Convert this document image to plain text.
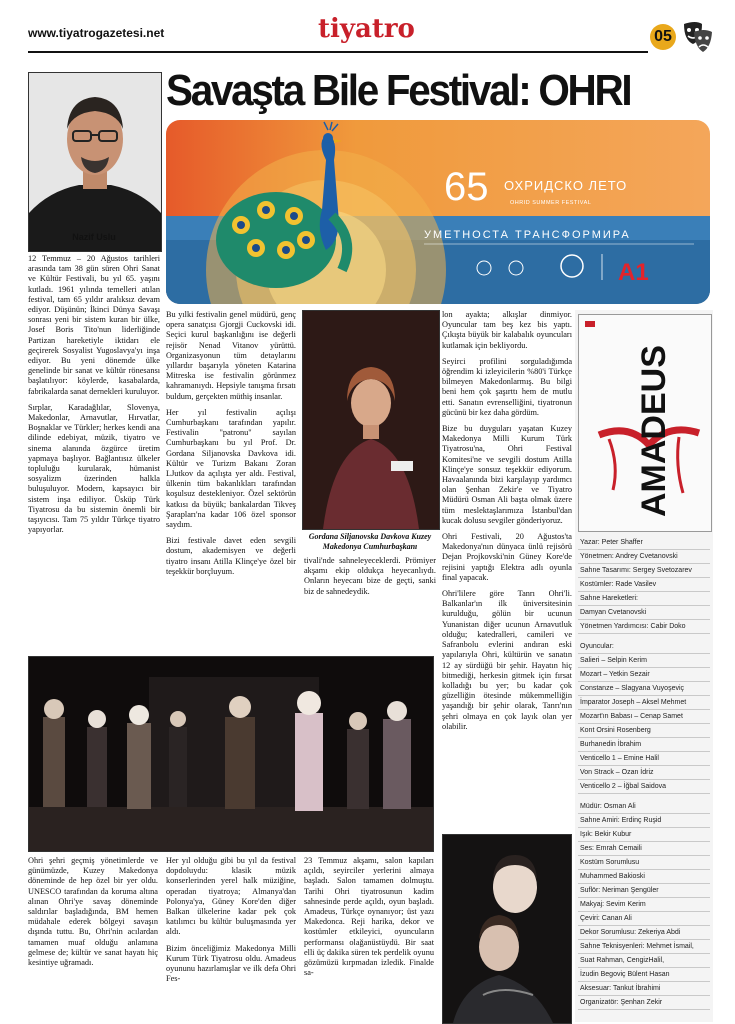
www.tiyatrogazetesi.net	tiyatro	05
Savaşta Bile Festival: OHRI
Nazif Uslu
65 ОХРИДСКО ЛЕТО
OHRID SUMMER FESTIVAL
УМЕТНОСТА ТРАНСФОРМИРА
A1

12 Temmuz – 20 Ağustos tarihleri arasında tam 38 gün süren Ohri Sanat ve Kültür Festivali, bu yıl 65. yaşını kutladı. 1961 yılında temelleri atılan festival, tam 65 yıldır aralıksız devam ediyor. Düşünün; İkinci Dünya Savaşı sonrası yeni bir sistem kuran bir ülke, Josef Boris Tito'nun liderliğinde Partizan hareketiyle iktidarı ele geçirerek Sosyalist Yugoslavya'yı inşa ediyor. Bu yeni dönemde ülke genelinde bir sanat ve kültür rönesansı başlatılıyor: köylerde, kasabalarda, fabrikalarda sanat dernekleri kuruluyor.

Sırplar, Karadağlılar, Slovenya, Makedonlar, Arnavutlar, Hırvatlar, Boşnaklar ve Türkler; herkes kendi ana dilinde edebiyat, müzik, tiyatro ve sinema alanında özgürce üretim yapmaya başlıyor. Bağlantısız ülkeler topluluğu kurularak, hümanist sosyalizm üzerinden halkla buluşuluyor. Modern, kapsayıcı bir sistem inşa ediliyor. Üsküp Türk Tiyatrosu da bu sistemin önemli bir taşıyıcısı. Tam 75 yıldır Türkçe tiyatro yapıyorlar.

Bu yılki festivalin genel müdürü, genç opera sanatçısı Gjorgji Cuckovski idi. Seçici kurul başkanlığını ise değerli rejisör Nenad Vitanov yürüttü. Organizasyonun tüm detaylarını yıllardır başarıyla yöneten Katarina Mitreska ise festivalin görünmez kahramanıydı. Hepsiyle tanışma fırsatı buldum, gerçekten müthiş insanlar.

Her yıl festivalin açılışı Cumhurbaşkanı tarafından yapılır. Festivalin "patronu" sayılan Cumhurbaşkanı bu yıl Prof. Dr. Gordana Siljanovska Davkova idi. Kültür ve Turizm Bakanı Zoran LJutkov da açılışta yer aldı. Festival, ülkenin tüm bakanlıkları tarafından koşulsuz destekleniyor. Özel sektörün katkısı da büyük; bankalardan Tikveş Şarapları'na kadar 106 özel sponsor saydım.

Bizi festivale davet eden sevgili dostum, akademisyen ve değerli tiyatro insanı Atilla Klinçe'ye özel bir teşekkür borçluyum.

Gordana Siljanovska Davkova Kuzey Makedonya Cumhurbaşkanı

tivali'nde sahneleyeceklerdi. Prömiyer akşamı ekip oldukça heyecanlıydı. Onların heyecanı bize de geçti, sanki biz de sahnedeydik.

lon ayakta; alkışlar dinmiyor. Oyuncular tam beş kez bis yaptı. Çıkışta büyük bir kalabalık oyuncuları kutlamak için bekliyordu.

Seyirci profilini sorguladığımda öğrendim ki izleyicilerin %80'i Türkçe bilmeyen Makedonlarmış. Bu bilgi beni hem çok şaşırttı hem de mutlu etti. Sanatın evrenselliğini, tiyatronun gücünü bir kez daha gördüm.

Bize bu duyguları yaşatan Kuzey Makedonya Milli Kurum Türk Tiyatrosu'na, Ohri Festival Komitesi'ne ve sevgili dostum Atilla Klinçe'ye sonsuz teşekkür ediyorum. Havaalanında bizi karşılayıp yardımcı olan Şenhan Zekir'e ve Tiyatro Müdürü Osman Ali başta olmak üzere tüm meslektaşlarımıza İstanbul'dan kucak dolusu sevgiler gönderiyoruz.

Ohri Festivali, 20 Ağustos'ta Makedonya'nın dünyaca ünlü rejisörü Dejan Projkovski'nin Güney Kore'de rejisini yaptığı Elektra adlı oyunla final yapacak.

Ohri'lilere göre Tanrı Ohri'li. Balkanlar'ın ilk üniversitesinin kurulduğu, gölün bir ucunun Yunanistan diğer ucunun Arnavutluk olduğu; katedralleri, camileri ve Safranbolu evlerini andıran eski yapılarıyla Ohri, kültürün ve sanatın 12 ay sürdüğü bir şehir. Hayatın hiç bitmediği, herkesin gitmek için fırsat kolladığı bu yer; bu kadar çok güzelliğin ötesinde mükemmelliğin yaşandığı bir şehir olarak, Tanrı'nın şehri olmaya en çok layık olan yer olabilir.

AMADEUS
Yazar: Peter Shaffer
Yönetmen: Andrey Cvetanovski
Sahne Tasarımı: Sergey Svetozarev
Kostümler: Rade Vasilev
Sahne Hareketleri:
Damyan Cvetanovski
Yönetmen Yardımcısı: Cabir Doko
Oyuncular:
Salieri – Selpin Kerim
Mozart – Yetkin Sezair
Constanze – Slagyana Vuyoşeviç
İmparator Joseph – Aksel Mehmet
Mozart'ın Babası – Cenap Samet
Kont Orsini Rosenberg
Burhanedin İbrahim
Venticello 1 – Emine Halil
Von Strack – Ozan İdriz
Venticello 2 – İğbal Saidova
Müdür: Osman Ali
Sahne Amiri: Erdinç Ruşid
Işık: Bekir Kubur
Ses: Emrah Cemaili
Kostüm Sorumlusu
Muhammed Bakioski
Suflör: Neriman Şengüler
Makyaj: Sevim Kerim
Çeviri: Canan Ali
Dekor Sorumlusu: Zekeriya Abdi
Sahne Teknisyenleri: Mehmet İsmail,
Suat Rahman, CengizHalil,
İzudin Begoviç Bülent Hasan
Aksesuar: Tankut İbrahimi
Organizatör: Şenhan Zekir

Ohri şehri geçmiş yönetimlerde ve günümüzde, Kuzey Makedonya döneminde de hep özel bir yer oldu. UNESCO tarafından da koruma altına alınan Ohri'ye savaş döneminde saldırılar başladığında, BM hemen müdahale ederek bölgeyi savaşın dışında tuttu. Bu, Ohri'nin acılardan tamamen muaf olduğu anlamına gelmese de; kültür ve sanat hayatı hiç kesintiye uğramadı.

Her yıl olduğu gibi bu yıl da festival dopdoluydu: klasik müzik konserlerinden yerel halk müziğine, operadan tiyatroya; Almanya'dan Polonya'ya, Güney Kore'den diğer Balkan ülkelerine kadar pek çok katılımcı bu kültür buluşmasında yer aldı.

Bizim önceliğimiz Makedonya Milli Kurum Türk Tiyatrosu oldu. Amadeus oyununu hazırlamışlar ve ilk defa Ohri Fes-

23 Temmuz akşamı, salon kapıları açıldı, seyirciler yerlerini almaya başladı. Salon tamamen dolmuştu. Tarihi Ohri tiyatrosunun kadim sahnesinde perde açıldı, oyun başladı. Amadeus, Türkçe oynanıyor; üst yazı Makedonca. Reji harika, dekor ve kostümler etkileyici, oyuncuların performansı olağanüstüydü. Bir saat elli üç dakika süren tek perdelik oyunu gözümüzü kırpmadan izledik. Finalde sa-
